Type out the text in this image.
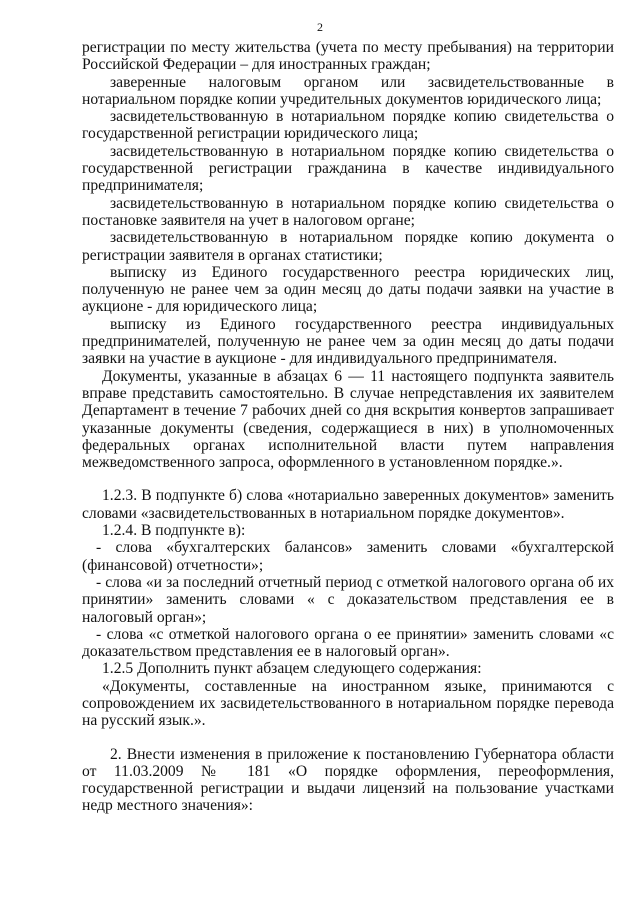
2

регистрации по месту жительства (учета по месту пребывания) на территории Российской Федерации – для иностранных граждан;

заверенные налоговым органом или засвидетельствованные в нотариальном порядке копии учредительных документов юридического лица;

засвидетельствованную в нотариальном порядке копию свидетельства о государственной регистрации юридического лица;

засвидетельствованную в нотариальном порядке копию свидетельства о государственной регистрации гражданина в качестве индивидуального предпринимателя;

засвидетельствованную в нотариальном порядке копию свидетельства о постановке заявителя на учет в налоговом органе;

засвидетельствованную в нотариальном порядке копию документа о регистрации заявителя в органах статистики;

выписку из Единого государственного реестра юридических лиц, полученную не ранее чем за один месяц до даты подачи заявки на участие в аукционе - для юридического лица;

выписку из Единого государственного реестра индивидуальных предпринимателей, полученную не ранее чем за один месяц до даты подачи заявки на участие в аукционе - для индивидуального предпринимателя.

Документы, указанные в абзацах 6 — 11 настоящего подпункта заявитель вправе представить самостоятельно. В случае непредставления их заявителем Департамент в течение 7 рабочих дней со дня вскрытия конвертов запрашивает указанные документы (сведения, содержащиеся в них) в уполномоченных федеральных органах исполнительной власти путем направления межведомственного запроса, оформленного в установленном порядке.».

1.2.3. В подпункте б) слова «нотариально заверенных документов» заменить словами «засвидетельствованных в нотариальном порядке документов».

1.2.4. В подпункте в):

- слова «бухгалтерских балансов» заменить словами «бухгалтерской (финансовой) отчетности»;

- слова «и за последний отчетный период с отметкой налогового органа об их принятии» заменить словами « с доказательством представления ее в налоговый орган»;

- слова «с отметкой налогового органа о ее принятии» заменить словами «с доказательством представления ее в налоговый орган».

1.2.5 Дополнить пункт абзацем следующего содержания:

«Документы, составленные на иностранном языке, принимаются с сопровождением их засвидетельствованного в нотариальном порядке перевода на русский язык.».

2. Внести изменения в приложение к постановлению Губернатора области от 11.03.2009 № 181 «О порядке оформления, переоформления, государственной регистрации и выдачи лицензий на пользование участками недр местного значения»:
